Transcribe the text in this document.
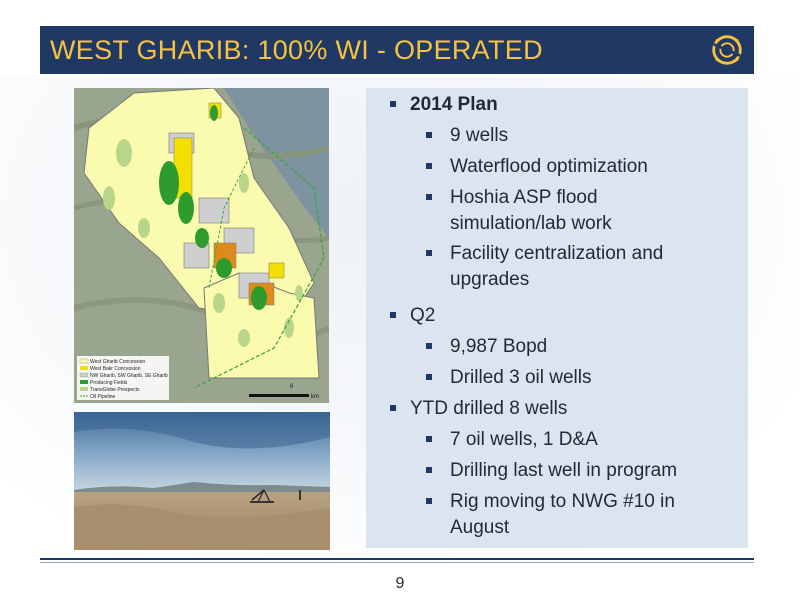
WEST GHARIB: 100% WI - OPERATED
West Gharib Concession
West Bakr Concession
NW Gharib, SW Gharib, SE Gharib
Producing Fields
TransGlobe Prospects
Oil Pipeline
6
km
2014 Plan
9 wells
Waterflood optimization
Hoshia ASP flood
simulation/lab work
Facility centralization and
upgrades
Q2
9,987 Bopd
Drilled 3 oil wells
YTD drilled 8 wells
7 oil wells, 1 D&A
Drilling last well in program
Rig moving to NWG #10 in
August
9
